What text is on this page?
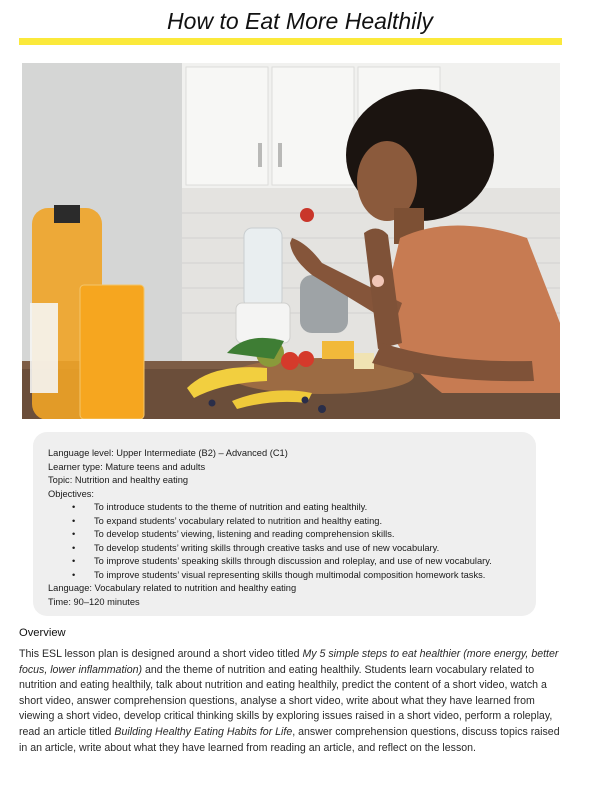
How to Eat More Healthily
Language level: Upper Intermediate (B2) – Advanced (C1)
Learner type: Mature teens and adults
Topic: Nutrition and healthy eating
Objectives:
• To introduce students to the theme of nutrition and eating healthily.
• To expand students’ vocabulary related to nutrition and healthy eating.
• To develop students’ viewing, listening and reading comprehension skills.
• To develop students’ writing skills through creative tasks and use of new vocabulary.
• To improve students’ speaking skills through discussion and roleplay, and use of new vocabulary.
• To improve students’ visual representing skills though multimodal composition homework tasks.
Language: Vocabulary related to nutrition and healthy eating
Time: 90–120 minutes
Overview
This ESL lesson plan is designed around a short video titled My 5 simple steps to eat healthier (more energy, better focus, lower inflammation) and the theme of nutrition and eating healthily. Students learn vocabulary related to nutrition and eating healthily, talk about nutrition and eating healthily, predict the content of a short video, watch a short video, answer comprehension questions, analyse a short video, write about what they have learned from viewing a short video, develop critical thinking skills by exploring issues raised in a short video, perform a roleplay, read an article titled Building Healthy Eating Habits for Life, answer comprehension questions, discuss topics raised in an article, write about what they have learned from reading an article, and reflect on the lesson.
